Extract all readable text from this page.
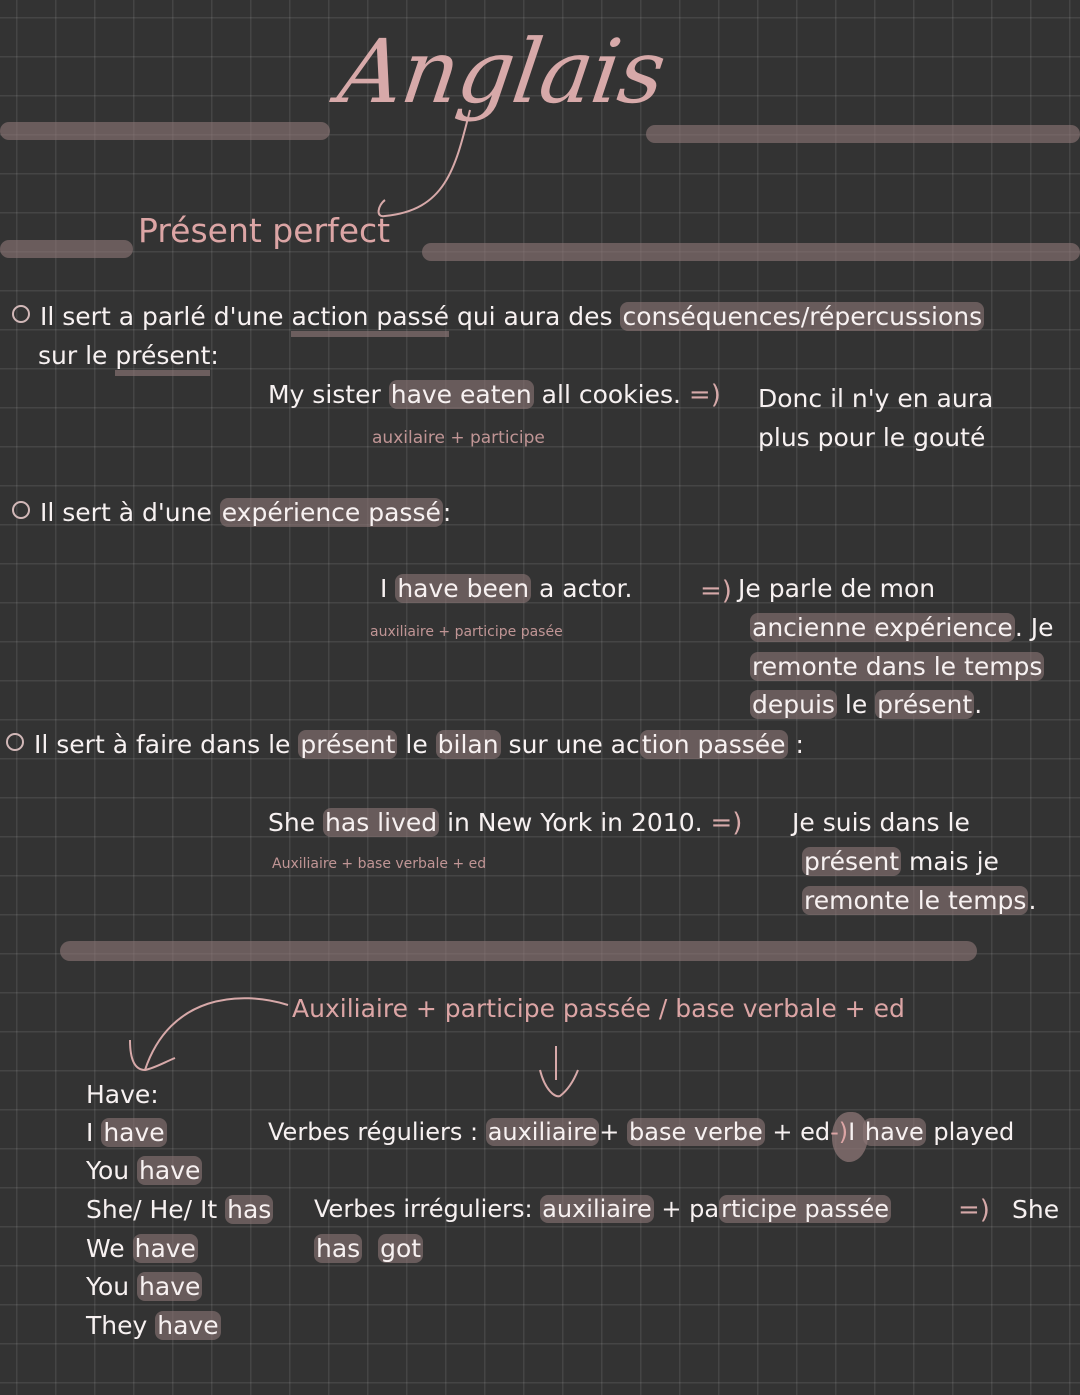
Anglais
Présent perfect
Il sert a parlé d'une action passé qui aura des conséquences/répercussions
sur le présent:
My sister have eaten all cookies. =)
auxilaire + participe
Donc il n'y en aura
plus pour le gouté
Il sert à d'une expérience passé:
I have been a actor.	=)
auxiliaire + participe pasée
Je parle de mon
ancienne expérience. Je
remonte dans le temps
depuis le présent.
Il sert à faire dans le présent le bilan sur une action passée :
She has lived in New York in 2010. =)
Auxiliaire + base verbale + ed
Je suis dans le
présent mais je
remonte le temps.
Auxiliaire + participe passée / base verbale + ed
Have:
I have
You have
She/ He/ It has
We have
You have
They have
Verbes réguliers : auxiliaire+ base verbe + ed-)I have played
Verbes irréguliers: auxiliaire + participe passée	=) She
has got
